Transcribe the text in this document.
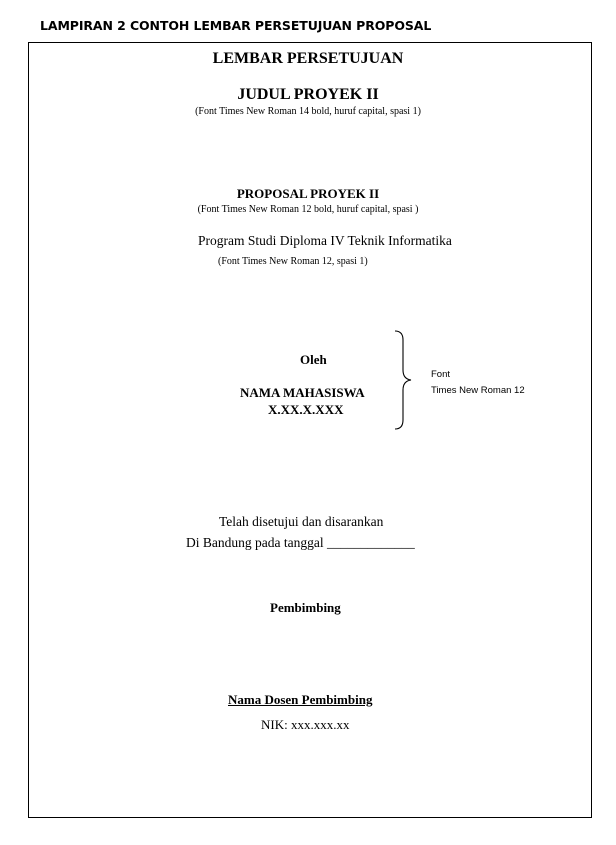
LAMPIRAN 2 CONTOH LEMBAR PERSETUJUAN PROPOSAL
LEMBAR PERSETUJUAN
JUDUL PROYEK II
(Font Times New Roman 14 bold, huruf capital, spasi 1)
PROPOSAL PROYEK II
(Font Times New Roman 12 bold, huruf capital, spasi )
Program Studi Diploma IV Teknik Informatika
(Font Times New Roman 12, spasi 1)
Oleh
NAMA MAHASISWA
X.XX.X.XXX
Font
Times New Roman 12
Telah disetujui dan disarankan
Di Bandung pada tanggal _____________
Pembimbing
Nama Dosen Pembimbing
NIK: xxx.xxx.xx
